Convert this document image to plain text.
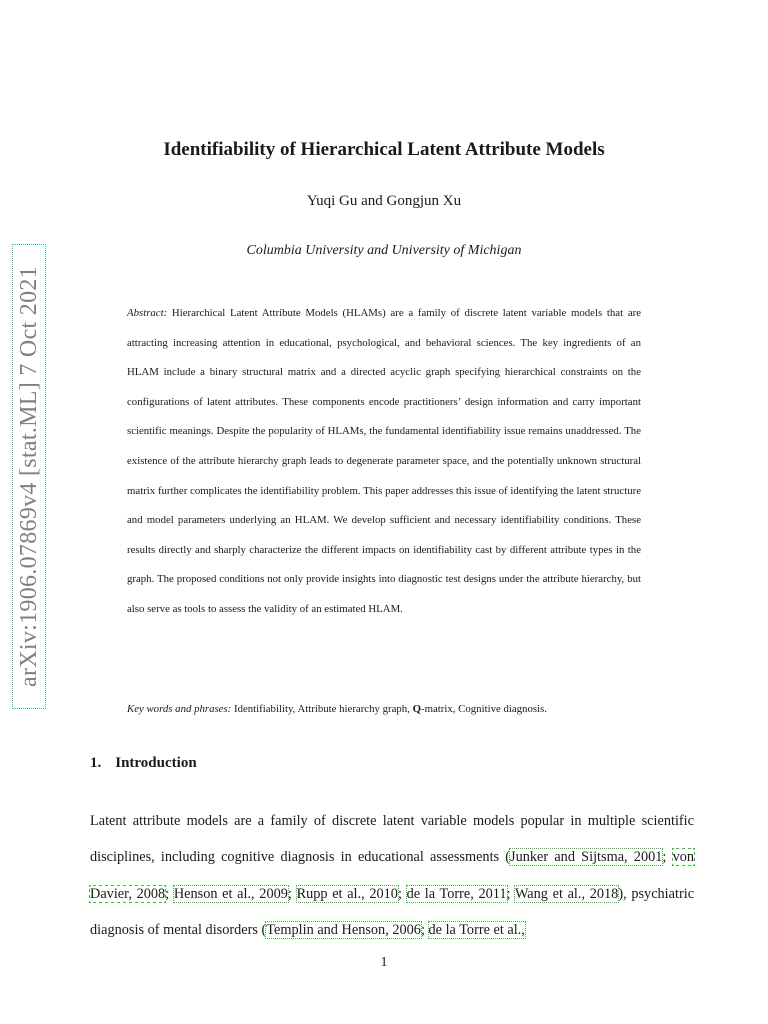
arXiv:1906.07869v4 [stat.ML] 7 Oct 2021
Identifiability of Hierarchical Latent Attribute Models

Yuqi Gu and Gongjun Xu

Columbia University and University of Michigan

Abstract: Hierarchical Latent Attribute Models (HLAMs) are a family of discrete latent variable models that are attracting increasing attention in educational, psychological, and behavioral sciences. The key ingredients of an HLAM include a binary structural matrix and a directed acyclic graph specifying hierarchical constraints on the configurations of latent attributes. These components encode practitioners’ design information and carry important scientific meanings. Despite the popularity of HLAMs, the fundamental identifiability issue remains unaddressed. The existence of the attribute hierarchy graph leads to degenerate parameter space, and the potentially unknown structural matrix further complicates the identifiability problem. This paper addresses this issue of identifying the latent structure and model parameters underlying an HLAM. We develop sufficient and necessary identifiability conditions. These results directly and sharply characterize the different impacts on identifiability cast by different attribute types in the graph. The proposed conditions not only provide insights into diagnostic test designs under the attribute hierarchy, but also serve as tools to assess the validity of an estimated HLAM.

Key words and phrases: Identifiability, Attribute hierarchy graph, Q-matrix, Cognitive diagnosis.

1. Introduction

Latent attribute models are a family of discrete latent variable models popular in multiple scientific disciplines, including cognitive diagnosis in educational assessments (Junker and Sijtsma, 2001; von Davier, 2008; Henson et al., 2009; Rupp et al., 2010; de la Torre, 2011; Wang et al., 2018), psychiatric diagnosis of mental disorders (Templin and Henson, 2006; de la Torre et al.,

1
